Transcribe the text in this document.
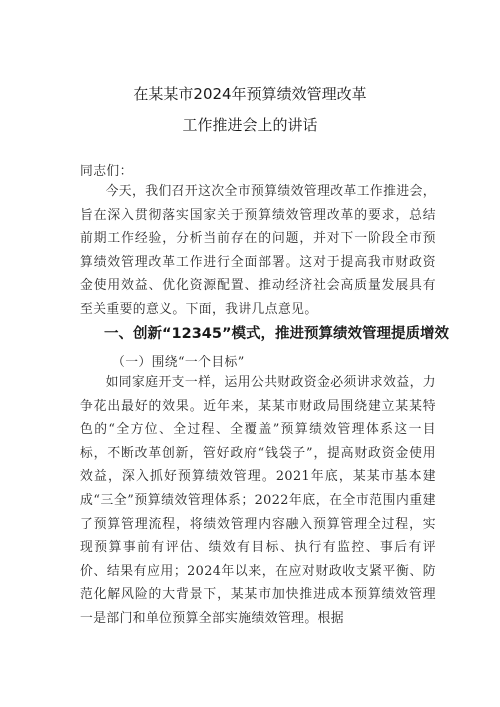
在某某市2024年预算绩效管理改革
工作推进会上的讲话
同志们：
今天，我们召开这次全市预算绩效管理改革工作推进会，旨在深入贯彻落实国家关于预算绩效管理改革的要求，总结前期工作经验，分析当前存在的问题，并对下一阶段全市预算绩效管理改革工作进行全面部署。这对于提高我市财政资金使用效益、优化资源配置、推动经济社会高质量发展具有至关重要的意义。下面，我讲几点意见。
一、创新“12345”模式，推进预算绩效管理提质增效
（一）围绕“一个目标”
如同家庭开支一样，运用公共财政资金必须讲求效益，力争花出最好的效果。近年来，某某市财政局围绕建立某某特色的“全方位、全过程、全覆盖”预算绩效管理体系这一目标，不断改革创新，管好政府“钱袋子”，提高财政资金使用效益，深入抓好预算绩效管理。2021年底，某某市基本建成“三全”预算绩效管理体系；2022年底，在全市范围内重建了预算管理流程，将绩效管理内容融入预算管理全过程，实现预算事前有评估、绩效有目标、执行有监控、事后有评价、结果有应用；2024年以来，在应对财政收支紧平衡、防范化解风险的大背景下，某某市加快推进成本预算绩效管理一是部门和单位预算全部实施绩效管理。根据
